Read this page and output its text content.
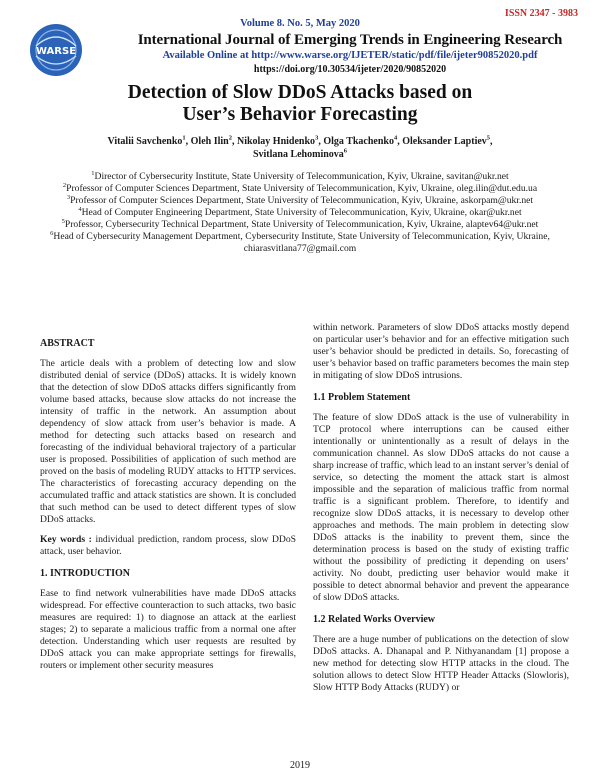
ISSN 2347 - 3983
WARSE
Volume 8. No. 5, May 2020
International Journal of Emerging Trends in Engineering Research
Available Online at http://www.warse.org/IJETER/static/pdf/file/ijeter90852020.pdf
https://doi.org/10.30534/ijeter/2020/90852020
Detection of Slow DDoS Attacks based on
User’s Behavior Forecasting
Vitalii Savchenko$^1$, Oleh Ilin$^2$, Nikolay Hnidenko$^3$, Olga Tkachenko$^4$, Oleksander Laptiev$^5$,
Svitlana Lehominova$^6$
$^1$Director of Cybersecurity Institute, State University of Telecommunication, Kyiv, Ukraine, savitan@ukr.net
$^2$Professor of Computer Sciences Department, State University of Telecommunication, Kyiv, Ukraine, oleg.ilin@dut.edu.ua
$^3$Professor of Computer Sciences Department, State University of Telecommunication, Kyiv, Ukraine, askorpam@ukr.net
$^4$Head of Computer Engineering Department, State University of Telecommunication, Kyiv, Ukraine, okar@ukr.net
$^5$Professor, Cybersecurity Technical Department, State University of Telecommunication, Kyiv, Ukraine, alaptev64@ukr.net
$^6$Head of Cybersecurity Management Department, Cybersecurity Institute, State University of Telecommunication, Kyiv, Ukraine, chiarasvitlana77@gmail.com
ABSTRACT

The article deals with a problem of detecting low and slow distributed denial of service (DDoS) attacks. It is widely known that the detection of slow DDoS attacks differs significantly from volume based attacks, because slow attacks do not increase the intensity of traffic in the network. An assumption about dependency of slow attack from user’s behavior is made. A method for detecting such attacks based on research and forecasting of the individual behavioral trajectory of a particular user is proposed. Possibilities of application of such method are proved on the basis of modeling RUDY attacks to HTTP services. The characteristics of forecasting accuracy depending on the accumulated traffic and attack statistics are shown. It is concluded that such method can be used to detect different types of slow DDoS attacks.

Key words : individual prediction, random process, slow DDoS attack, user behavior.

1. INTRODUCTION

Ease to find network vulnerabilities have made DDoS attacks widespread. For effective counteraction to such attacks, two basic measures are required: 1) to diagnose an attack at the earliest stages; 2) to separate a malicious traffic from a normal one after detection. Understanding which user requests are resulted by DDoS attack you can make appropriate settings for firewalls, routers or implement other security measures

within network. Parameters of slow DDoS attacks mostly depend on particular user’s behavior and for an effective mitigation such user’s behavior should be predicted in details. So, forecasting of user’s behavior based on traffic parameters becomes the main step in mitigating of slow DDoS intrusions.

1.1 Problem Statement

The feature of slow DDoS attack is the use of vulnerability in TCP protocol where interruptions can be caused either intentionally or unintentionally as a result of delays in the communication channel. As slow DDoS attacks do not cause a sharp increase of traffic, which lead to an instant server’s denial of service, so detecting the moment the attack start is almost impossible and the separation of malicious traffic from normal traffic is a significant problem. Therefore, to identify and recognize slow DDoS attacks, it is necessary to develop other approaches and methods. The main problem in detecting slow DDoS attacks is the inability to prevent them, since the determination process is based on the study of existing traffic without the possibility of predicting it depending on users’ activity. No doubt, predicting user behavior would make it possible to detect abnormal behavior and prevent the appearance of slow DDoS attacks.

1.2 Related Works Overview

There are a huge number of publications on the detection of slow DDoS attacks. A. Dhanapal and P. Nithyanandam [1] propose a new method for detecting slow HTTP attacks in the cloud. The solution allows to detect Slow HTTP Header Attacks (Slowloris), Slow HTTP Body Attacks (RUDY) or

2019
